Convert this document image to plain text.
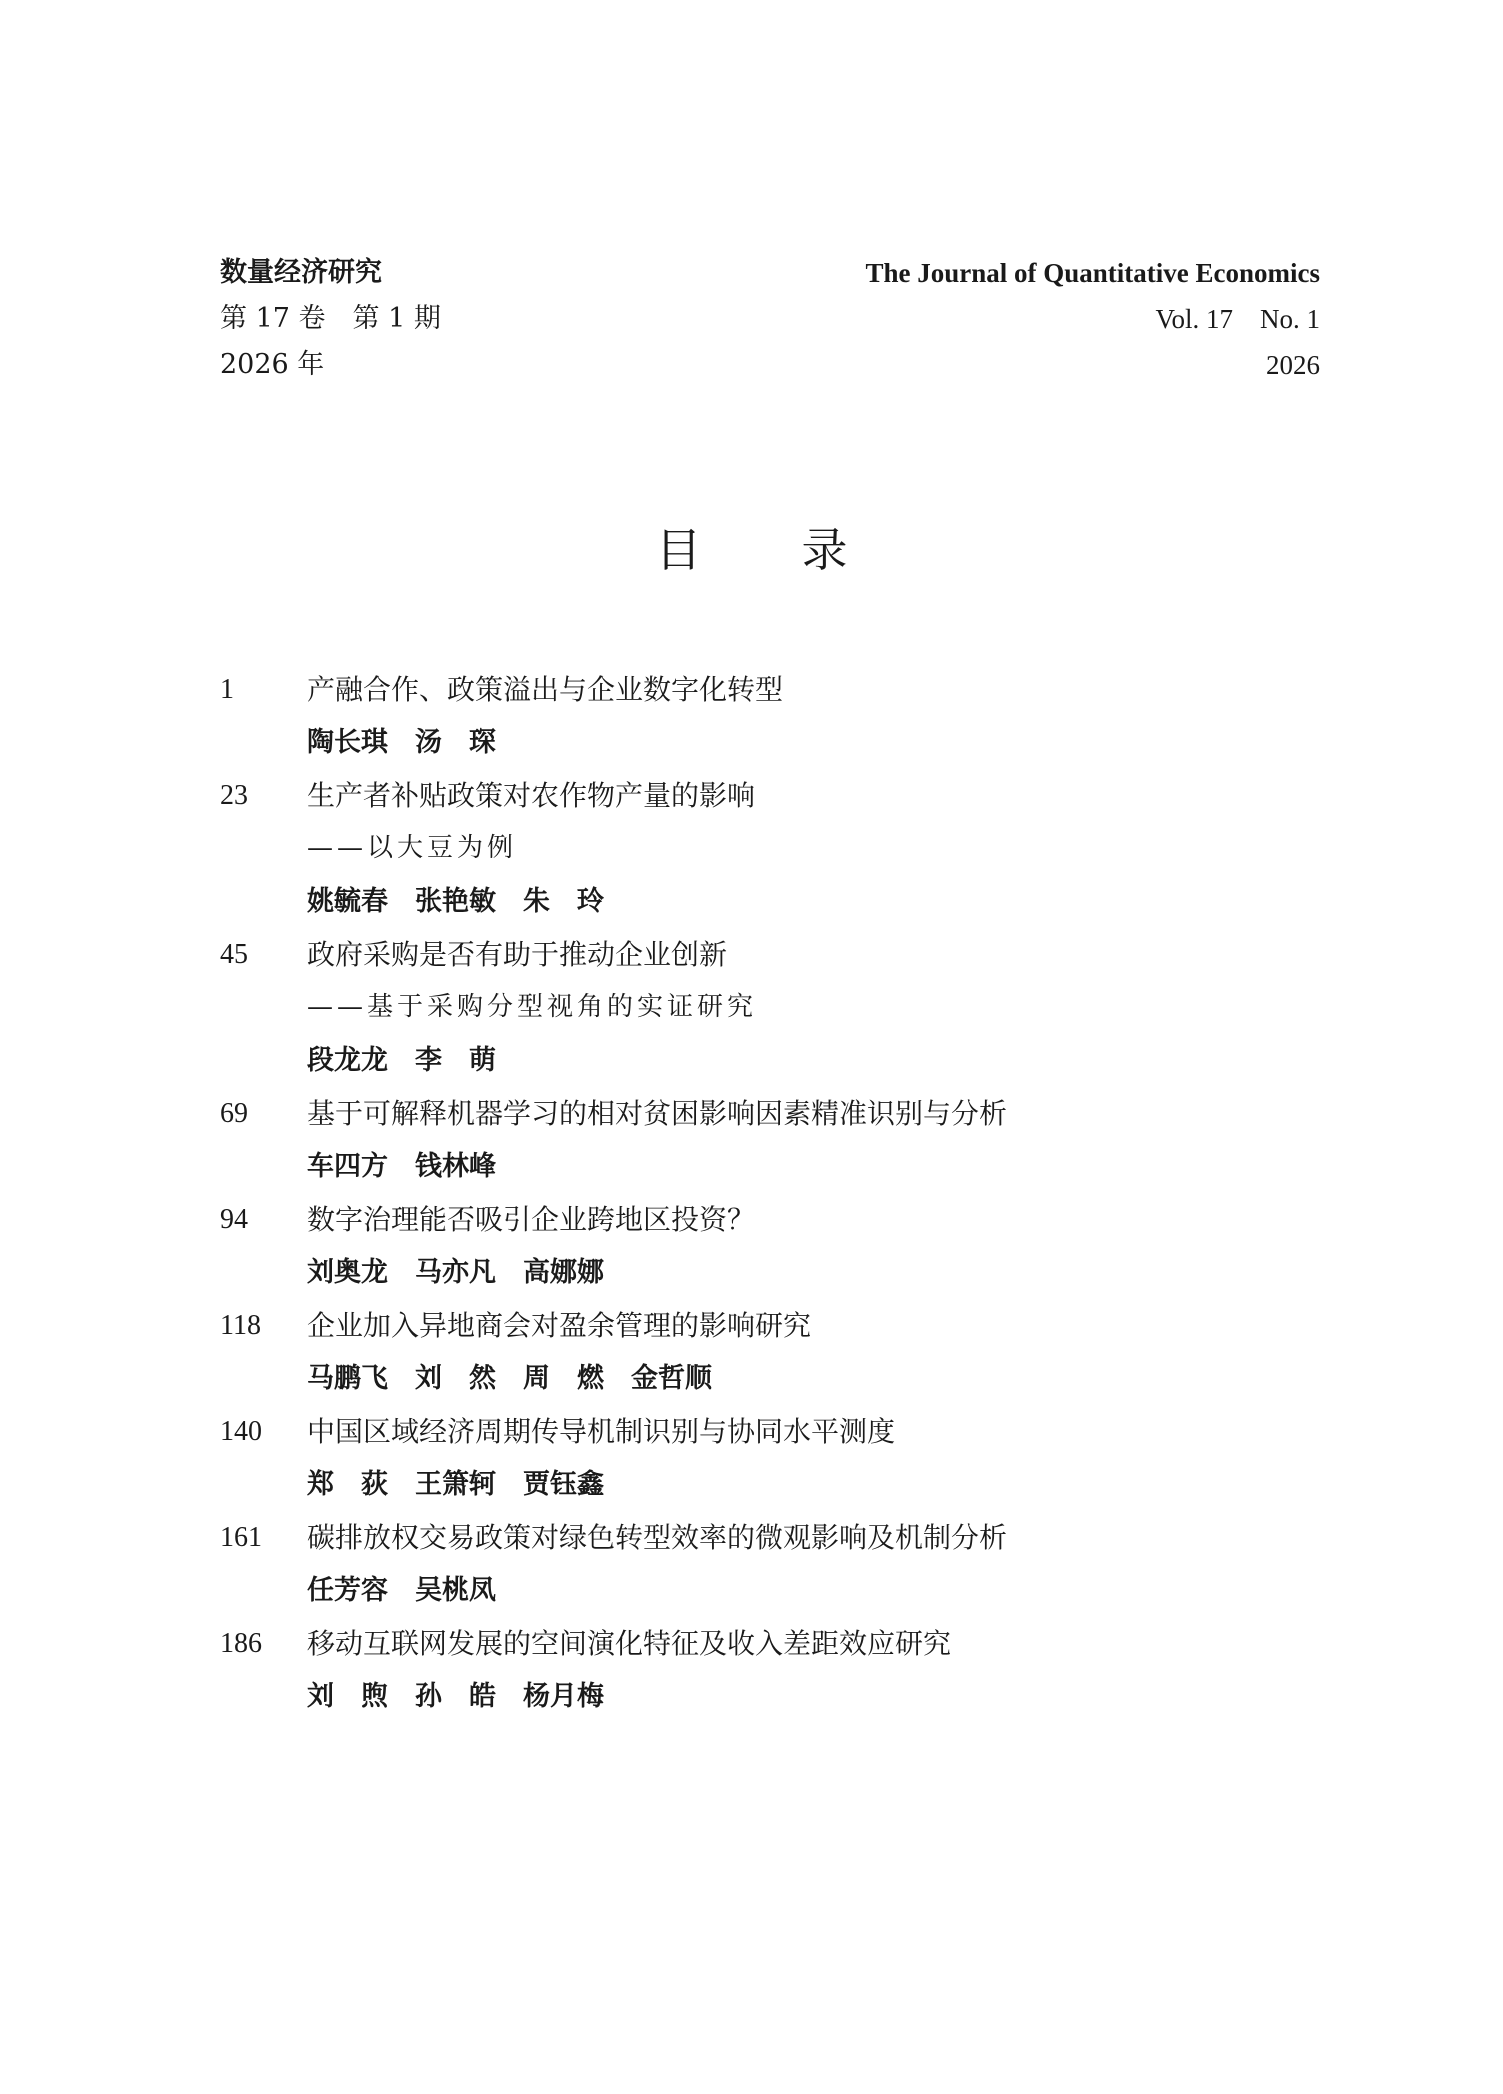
数量经济研究	The Journal of Quantitative Economics
第 17 卷　第 1 期	Vol. 17　No. 1
2026 年	2026
目录
1	产融合作、政策溢出与企业数字化转型
陶长琪　汤　琛
23 生产者补贴政策对农作物产量的影响
——以大豆为例
姚毓春　张艳敏　朱　玲
45 政府采购是否有助于推动企业创新
——基于采购分型视角的实证研究
段龙龙　李　萌
69 基于可解释机器学习的相对贫困影响因素精准识别与分析
车四方　钱林峰
94 数字治理能否吸引企业跨地区投资？
刘奥龙　马亦凡　高娜娜
118 企业加入异地商会对盈余管理的影响研究
马鹏飞　刘　然　周　燃　金哲顺
140 中国区域经济周期传导机制识别与协同水平测度
郑　荻　王箫轲　贾钰鑫
161 碳排放权交易政策对绿色转型效率的微观影响及机制分析
任芳容　吴桃凤
186 移动互联网发展的空间演化特征及收入差距效应研究
刘　煦　孙　皓　杨月梅
